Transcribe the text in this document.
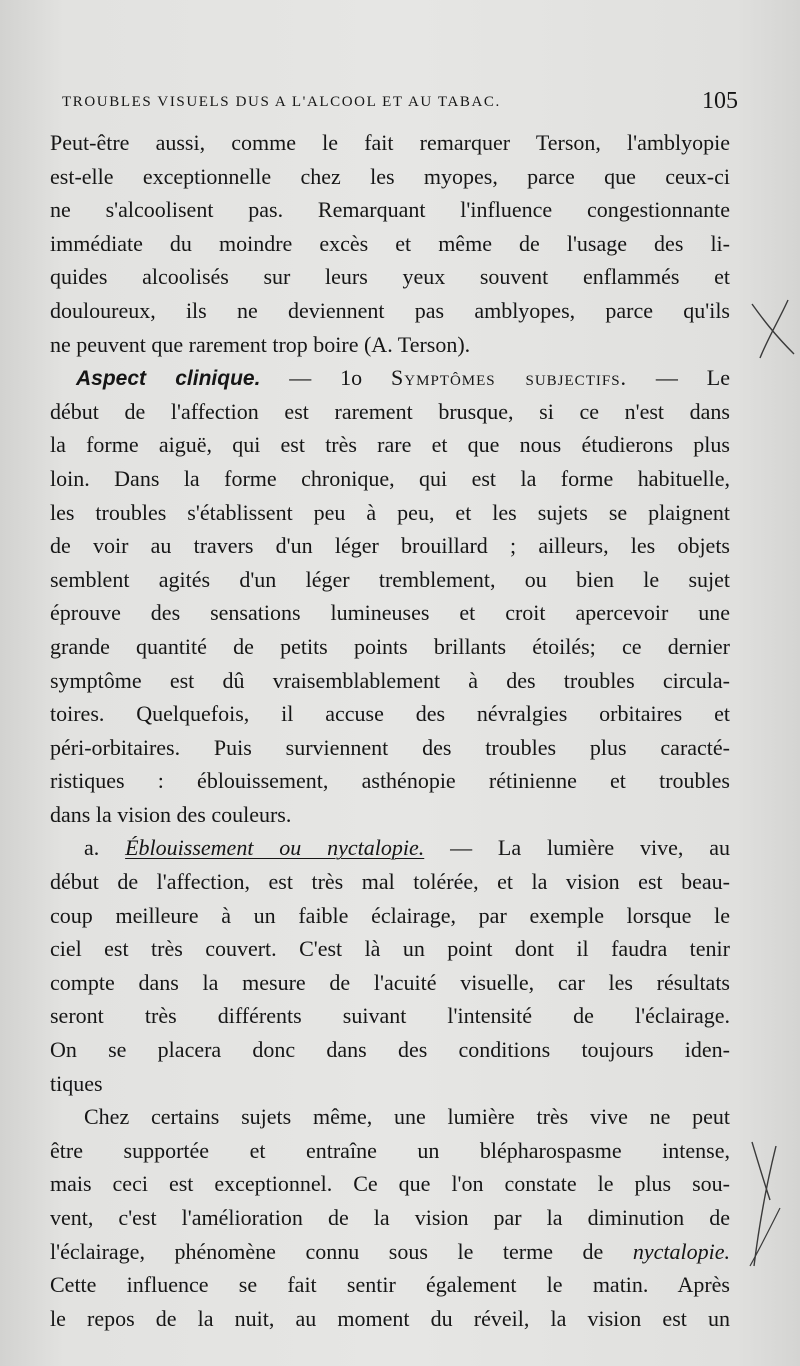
TROUBLES VISUELS DUS A L'ALCOOL ET AU TABAC.	105
Peut-être aussi, comme le fait remarquer Terson, l'amblyopie
est-elle exceptionnelle chez les myopes, parce que ceux-ci
ne s'alcoolisent pas. Remarquant l'influence congestionnante
immédiate du moindre excès et même de l'usage des li-
quides alcoolisés sur leurs yeux souvent enflammés et
douloureux, ils ne deviennent pas amblyopes, parce qu'ils
ne peuvent que rarement trop boire (A. Terson).
Aspect clinique. — 1o Symptômes subjectifs. — Le
début de l'affection est rarement brusque, si ce n'est dans
la forme aiguë, qui est très rare et que nous étudierons plus
loin. Dans la forme chronique, qui est la forme habituelle,
les troubles s'établissent peu à peu, et les sujets se plaignent
de voir au travers d'un léger brouillard ; ailleurs, les objets
semblent agités d'un léger tremblement, ou bien le sujet
éprouve des sensations lumineuses et croit apercevoir une
grande quantité de petits points brillants étoilés; ce dernier
symptôme est dû vraisemblablement à des troubles circula-
toires. Quelquefois, il accuse des névralgies orbitaires et
péri-orbitaires. Puis surviennent des troubles plus caracté-
ristiques : éblouissement, asthénopie rétinienne et troubles
dans la vision des couleurs.
a. Éblouissement ou nyctalopie. — La lumière vive, au
début de l'affection, est très mal tolérée, et la vision est beau-
coup meilleure à un faible éclairage, par exemple lorsque le
ciel est très couvert. C'est là un point dont il faudra tenir
compte dans la mesure de l'acuité visuelle, car les résultats
seront très différents suivant l'intensité de l'éclairage.
On se placera donc dans des conditions toujours iden-
tiques
Chez certains sujets même, une lumière très vive ne peut
être supportée et entraîne un blépharospasme intense,
mais ceci est exceptionnel. Ce que l'on constate le plus sou-
vent, c'est l'amélioration de la vision par la diminution de
l'éclairage, phénomène connu sous le terme de nyctalopie.
Cette influence se fait sentir également le matin. Après
le repos de la nuit, au moment du réveil, la vision est un
